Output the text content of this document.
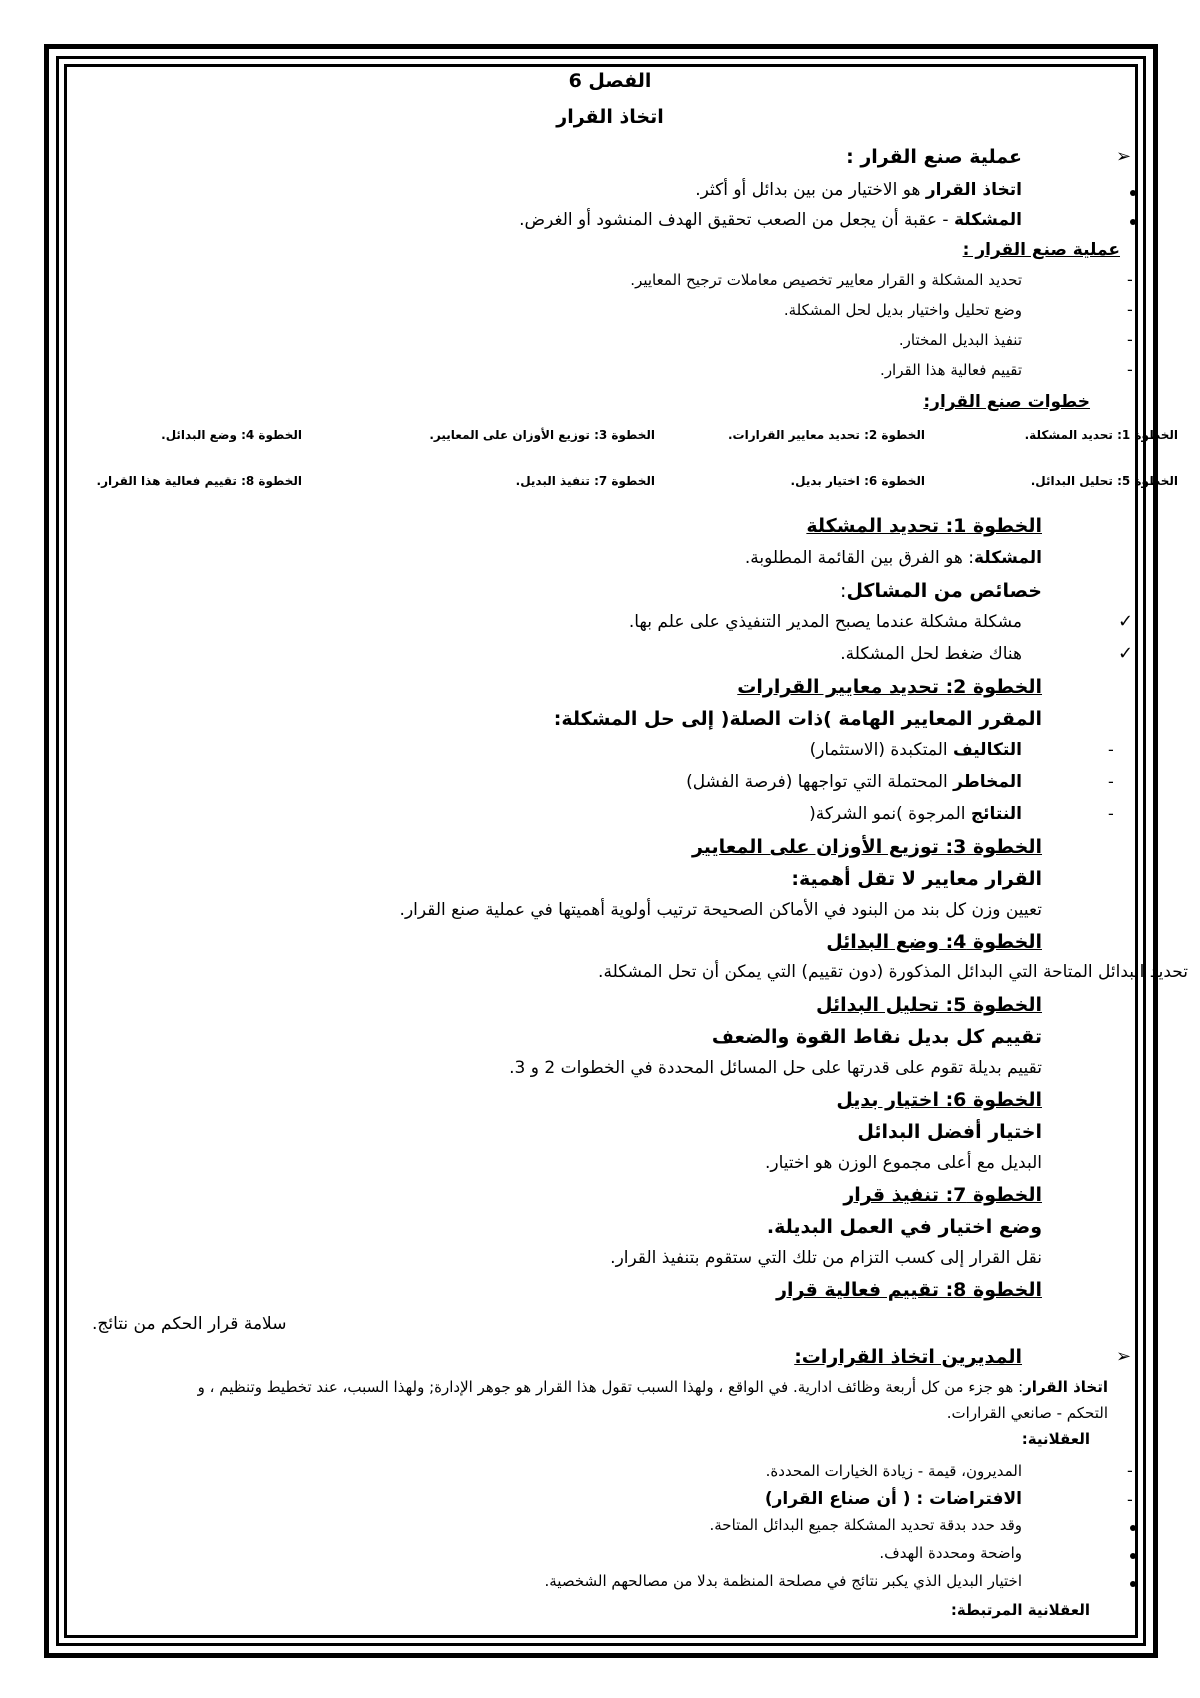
الفصل 6
اتخاذ القرار
➢
عملية صنع القرار :
اتخاذ القرار هو الاختيار من بين بدائل أو أكثر.
المشكلة - عقبة أن يجعل من الصعب تحقيق الهدف المنشود أو الغرض.
عملية صنع القرار :
-
تحديد المشكلة و القرار معايير تخصيص معاملات ترجيح المعايير.
-
وضع تحليل واختيار بديل لحل المشكلة.
-
تنفيذ البديل المختار.
-
تقييم فعالية هذا القرار.
خطوات صنع القرار:
الخطوة 1: تحديد المشكلة.
الخطوة 2: تحديد معايير القرارات.
الخطوة 3: توزيع الأوزان على المعايير.
الخطوة 4: وضع البدائل.
الخطوة 5: تحليل البدائل.
الخطوة 6: اختيار بديل.
الخطوة 7: تنفيذ البديل.
الخطوة 8: تقييم فعالية هذا القرار.
الخطوة 1: تحديد المشكلة
المشكلة: هو الفرق بين القائمة المطلوبة.
خصائص من المشاكل:
✓
مشكلة مشكلة عندما يصبح المدير التنفيذي على علم بها.
✓
هناك ضغط لحل المشكلة.
الخطوة 2: تحديد معايير القرارات
المقرر المعايير الهامة )ذات الصلة( إلى حل المشكلة:
-
التكاليف المتكبدة (الاستثمار)
-
المخاطر المحتملة التي تواجهها (فرصة الفشل)
-
النتائج المرجوة )نمو الشركة(
الخطوة 3: توزيع الأوزان على المعايير
القرار معايير لا تقل أهمية:
تعيين وزن كل بند من البنود في الأماكن الصحيحة ترتيب أولوية أهميتها في عملية صنع القرار.
الخطوة 4: وضع البدائل
تحديد البدائل المتاحة التي البدائل المذكورة (دون تقييم) التي يمكن أن تحل المشكلة.
الخطوة 5: تحليل البدائل
تقييم كل بديل نقاط القوة والضعف
تقييم بديلة تقوم على قدرتها على حل المسائل المحددة في الخطوات 2 و 3.
الخطوة 6: اختيار بديل
اختيار أفضل البدائل
البديل مع أعلى مجموع الوزن هو اختيار.
الخطوة 7: تنفيذ قرار
وضع اختيار في العمل البديلة.
نقل القرار إلى كسب التزام من تلك التي ستقوم بتنفيذ القرار.
الخطوة 8: تقييم فعالية قرار
سلامة قرار الحكم من نتائج.
➢
المديرين اتخاذ القرارات:
اتخاذ القرار: هو جزء من كل أربعة وظائف ادارية. في الواقع ، ولهذا السبب تقول هذا القرار هو جوهر الإدارة; ولهذا السبب، عند تخطيط وتنظيم ، و
التحكم - صانعي القرارات.
العقلانية:
-
المديرون، قيمة - زيادة الخيارات المحددة.
-
الافتراضات : ( أن صناع القرار)
وقد حدد بدقة تحديد المشكلة جميع البدائل المتاحة.
واضحة ومحددة الهدف.
اختيار البديل الذي يكبر نتائج في مصلحة المنظمة بدلا من مصالحهم الشخصية.
العقلانية المرتبطة:
